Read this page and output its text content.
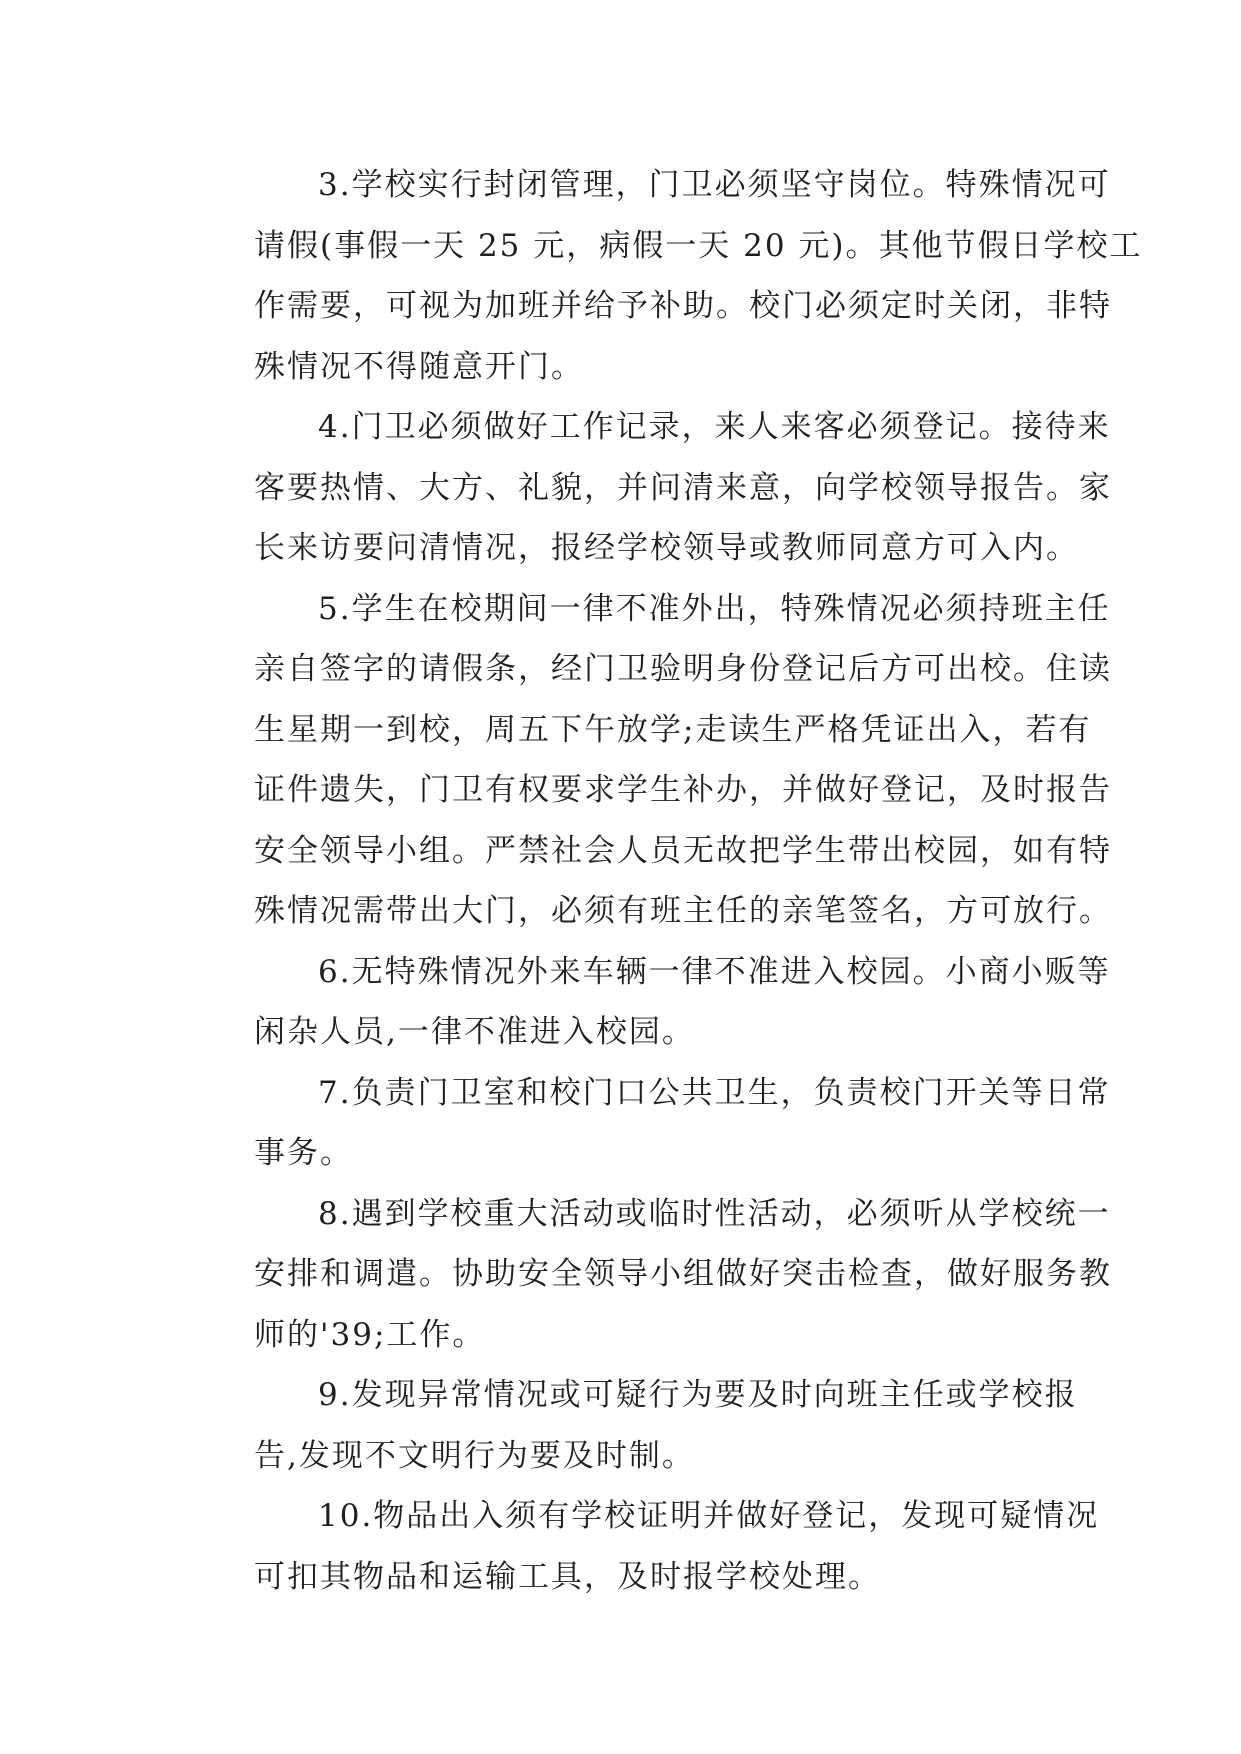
3.学校实行封闭管理，门卫必须坚守岗位。特殊情况可
请假(事假一天 25 元，病假一天 20 元)。其他节假日学校工
作需要，可视为加班并给予补助。校门必须定时关闭，非特
殊情况不得随意开门。
4.门卫必须做好工作记录，来人来客必须登记。接待来
客要热情、大方、礼貌，并问清来意，向学校领导报告。家
长来访要问清情况，报经学校领导或教师同意方可入内。
5.学生在校期间一律不准外出，特殊情况必须持班主任
亲自签字的请假条，经门卫验明身份登记后方可出校。住读
生星期一到校，周五下午放学;走读生严格凭证出入，若有
证件遗失，门卫有权要求学生补办，并做好登记，及时报告
安全领导小组。严禁社会人员无故把学生带出校园，如有特
殊情况需带出大门，必须有班主任的亲笔签名，方可放行。
6.无特殊情况外来车辆一律不准进入校园。小商小贩等
闲杂人员,一律不准进入校园。
7.负责门卫室和校门口公共卫生，负责校门开关等日常
事务。
8.遇到学校重大活动或临时性活动，必须听从学校统一
安排和调遣。协助安全领导小组做好突击检查，做好服务教
师的'39;工作。
9.发现异常情况或可疑行为要及时向班主任或学校报
告,发现不文明行为要及时制。
10.物品出入须有学校证明并做好登记，发现可疑情况
可扣其物品和运输工具，及时报学校处理。
